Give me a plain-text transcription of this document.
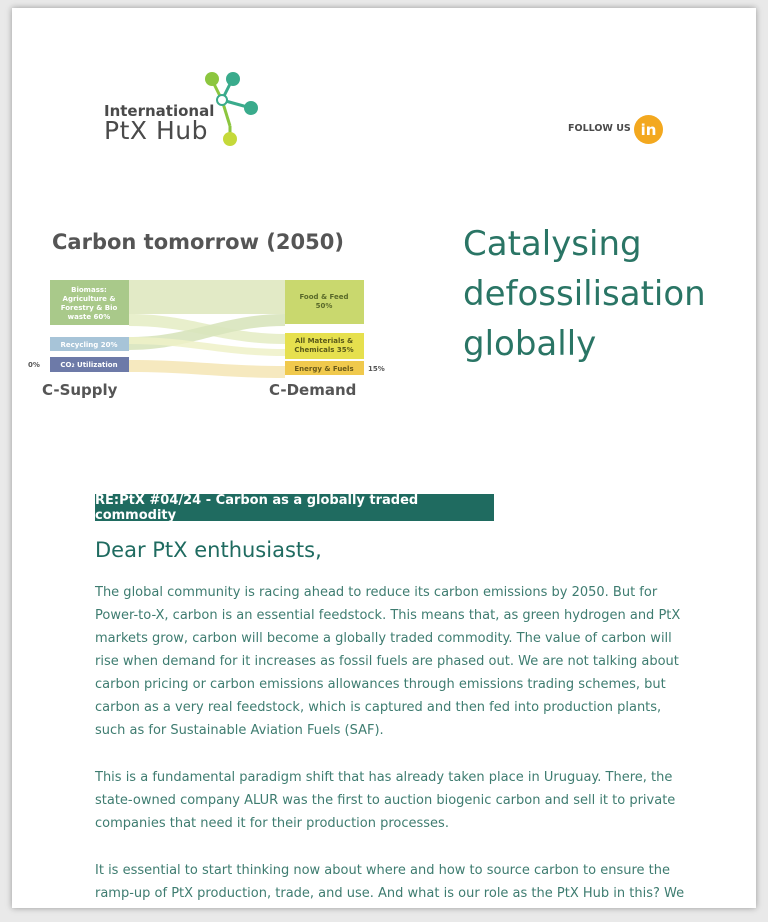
International
PtX Hub	FOLLOW US in
Carbon tomorrow (2050)
Biomass: Agriculture & Forestry & Bio waste 60%
Recycling 20%
CO₂ Utilization
Food & Feed 50%
All Materials & Chemicals 35%
Energy & Fuels
0%	15%
C-Supply	C-Demand
Catalysing defossilisation globally
RE:PtX #04/24 - Carbon as a globally traded commodity
Dear PtX enthusiasts,

The global community is racing ahead to reduce its carbon emissions by 2050. But for Power-to-X, carbon is an essential feedstock. This means that, as green hydrogen and PtX markets grow, carbon will become a globally traded commodity. The value of carbon will rise when demand for it increases as fossil fuels are phased out. We are not talking about carbon pricing or carbon emissions allowances through emissions trading schemes, but carbon as a very real feedstock, which is captured and then fed into production plants, such as for Sustainable Aviation Fuels (SAF).

This is a fundamental paradigm shift that has already taken place in Uruguay. There, the state-owned company ALUR was the first to auction biogenic carbon and sell it to private companies that need it for their production processes.

It is essential to start thinking now about where and how to source carbon to ensure the ramp-up of PtX production, trade, and use. And what is our role as the PtX Hub in this? We
